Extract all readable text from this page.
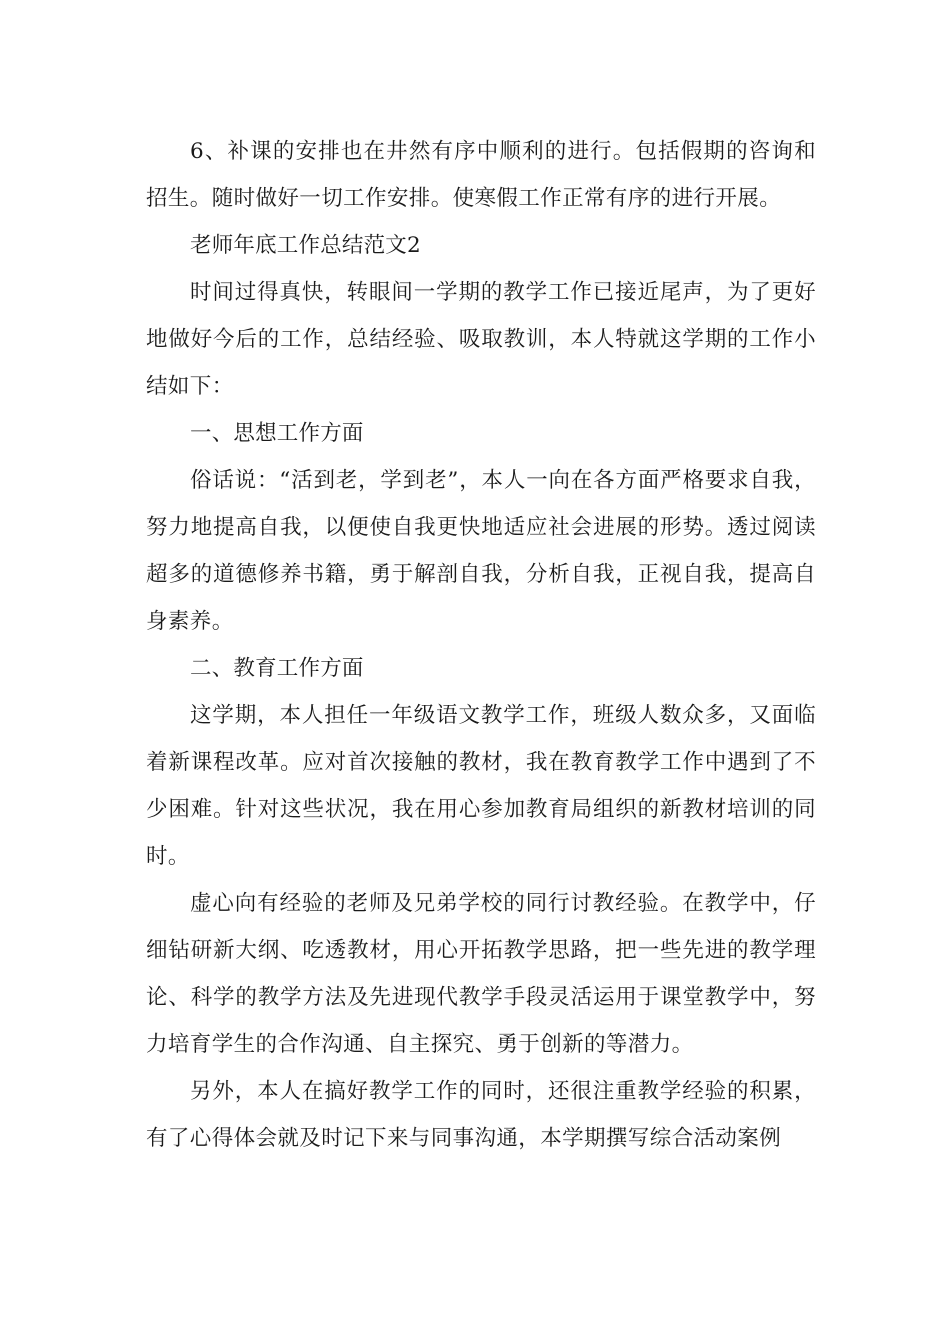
6、补课的安排也在井然有序中顺利的进行。包括假期的咨询和招生。随时做好一切工作安排。使寒假工作正常有序的进行开展。

老师年底工作总结范文2

时间过得真快，转眼间一学期的教学工作已接近尾声，为了更好地做好今后的工作，总结经验、吸取教训，本人特就这学期的工作小结如下：

一、思想工作方面

俗话说：“活到老，学到老”，本人一向在各方面严格要求自我，努力地提高自我，以便使自我更快地适应社会进展的形势。透过阅读超多的道德修养书籍，勇于解剖自我，分析自我，正视自我，提高自身素养。

二、教育工作方面

这学期，本人担任一年级语文教学工作，班级人数众多，又面临着新课程改革。应对首次接触的教材，我在教育教学工作中遇到了不少困难。针对这些状况，我在用心参加教育局组织的新教材培训的同时。

虚心向有经验的老师及兄弟学校的同行讨教经验。在教学中，仔细钻研新大纲、吃透教材，用心开拓教学思路，把一些先进的教学理论、科学的教学方法及先进现代教学手段灵活运用于课堂教学中，努力培育学生的合作沟通、自主探究、勇于创新的等潜力。

另外，本人在搞好教学工作的同时，还很注重教学经验的积累，有了心得体会就及时记下来与同事沟通，本学期撰写综合活动案例
